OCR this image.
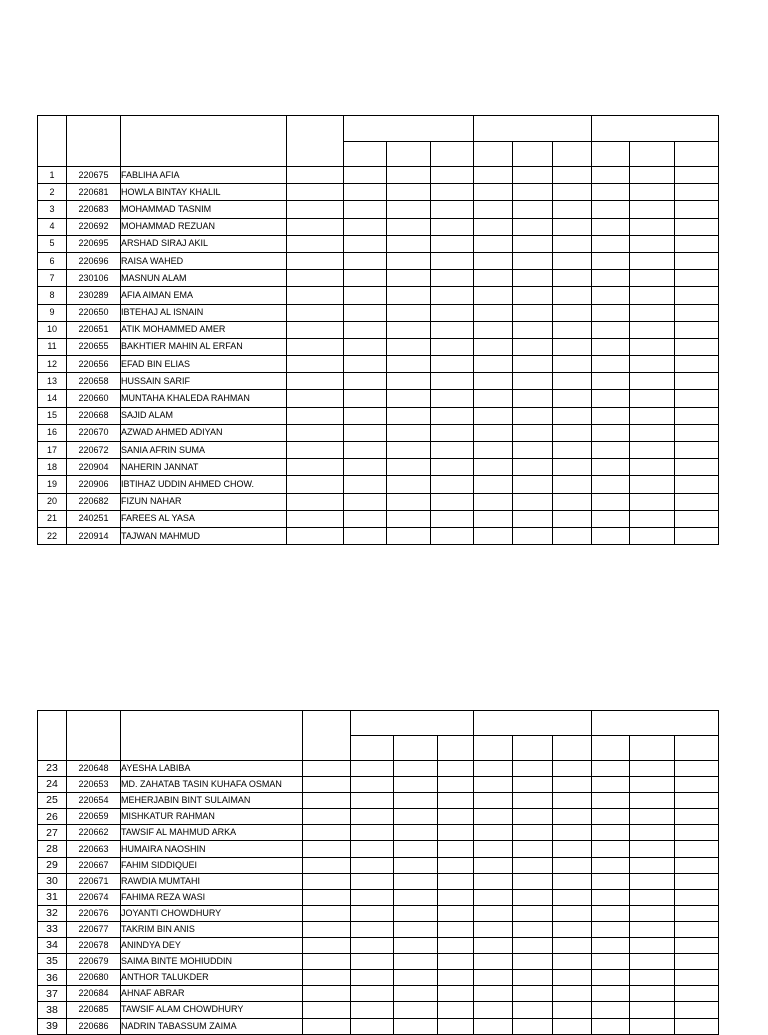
1	220675	FABLIHA AFIA										
2	220681	HOWLA BINTAY KHALIL										
3	220683	MOHAMMAD TASNIM										
4	220692	MOHAMMAD REZUAN										
5	220695	ARSHAD SIRAJ AKIL										
6	220696	RAISA WAHED										
7	230106	MASNUN ALAM										
8	230289	AFIA AIMAN EMA										
9	220650	IBTEHAJ AL ISNAIN										
10	220651	ATIK MOHAMMED AMER										
11	220655	BAKHTIER MAHIN AL ERFAN										
12	220656	EFAD BIN ELIAS										
13	220658	HUSSAIN SARIF										
14	220660	MUNTAHA KHALEDA RAHMAN										
15	220668	SAJID ALAM										
16	220670	AZWAD AHMED ADIYAN										
17	220672	SANIA AFRIN SUMA										
18	220904	NAHERIN JANNAT										
19	220906	IBTIHAZ UDDIN AHMED CHOW.										
20	220682	FIZUN NAHAR										
21	240251	FAREES AL YASA										
22	220914	TAJWAN MAHMUD										

23	220648	AYESHA LABIBA										
24	220653	MD. ZAHATAB TASIN KUHAFA OSMAN										
25	220654	MEHERJABIN BINT SULAIMAN										
26	220659	MISHKATUR RAHMAN										
27	220662	TAWSIF AL MAHMUD ARKA										
28	220663	HUMAIRA NAOSHIN										
29	220667	FAHIM SIDDIQUEI										
30	220671	RAWDIA MUMTAHI										
31	220674	FAHIMA REZA WASI										
32	220676	JOYANTI CHOWDHURY										
33	220677	TAKRIM BIN ANIS										
34	220678	ANINDYA DEY										
35	220679	SAIMA BINTE MOHIUDDIN										
36	220680	ANTHOR TALUKDER										
37	220684	AHNAF ABRAR										
38	220685	TAWSIF ALAM CHOWDHURY										
39	220686	NADRIN TABASSUM ZAIMA										
